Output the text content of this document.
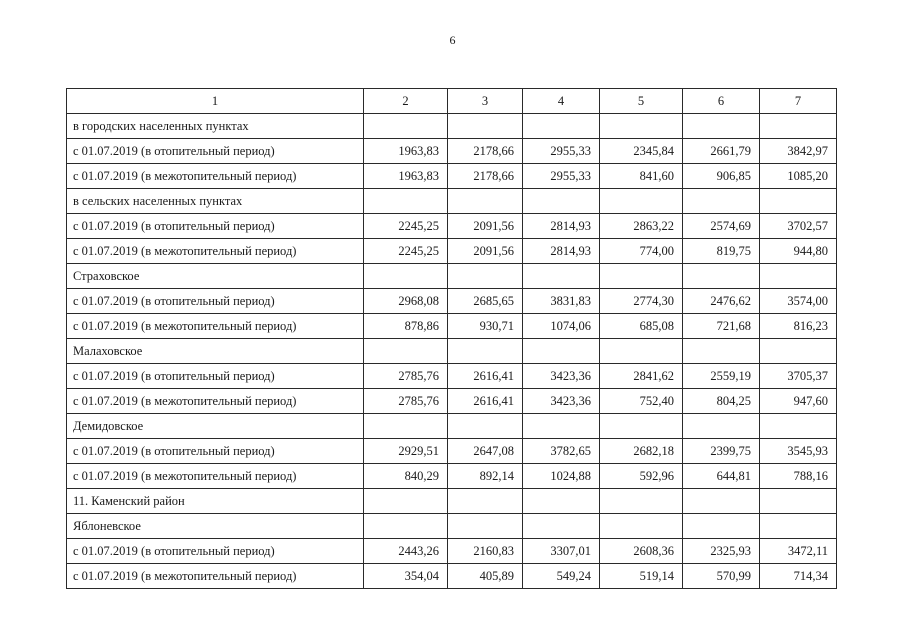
6
1	2	3	4	5	6	7
в городских населенных пунктах						
с 01.07.2019 (в отопительный период)	1963,83	2178,66	2955,33	2345,84	2661,79	3842,97
с 01.07.2019 (в межотопительный период)	1963,83	2178,66	2955,33	841,60	906,85	1085,20
в сельских населенных пунктах						
с 01.07.2019 (в отопительный период)	2245,25	2091,56	2814,93	2863,22	2574,69	3702,57
с 01.07.2019 (в межотопительный период)	2245,25	2091,56	2814,93	774,00	819,75	944,80
Страховское						
с 01.07.2019 (в отопительный период)	2968,08	2685,65	3831,83	2774,30	2476,62	3574,00
с 01.07.2019 (в межотопительный период)	878,86	930,71	1074,06	685,08	721,68	816,23
Малаховское						
с 01.07.2019 (в отопительный период)	2785,76	2616,41	3423,36	2841,62	2559,19	3705,37
с 01.07.2019 (в межотопительный период)	2785,76	2616,41	3423,36	752,40	804,25	947,60
Демидовское						
с 01.07.2019 (в отопительный период)	2929,51	2647,08	3782,65	2682,18	2399,75	3545,93
с 01.07.2019 (в межотопительный период)	840,29	892,14	1024,88	592,96	644,81	788,16
11. Каменский район						
Яблоневское						
с 01.07.2019 (в отопительный период)	2443,26	2160,83	3307,01	2608,36	2325,93	3472,11
с 01.07.2019 (в межотопительный период)	354,04	405,89	549,24	519,14	570,99	714,34
